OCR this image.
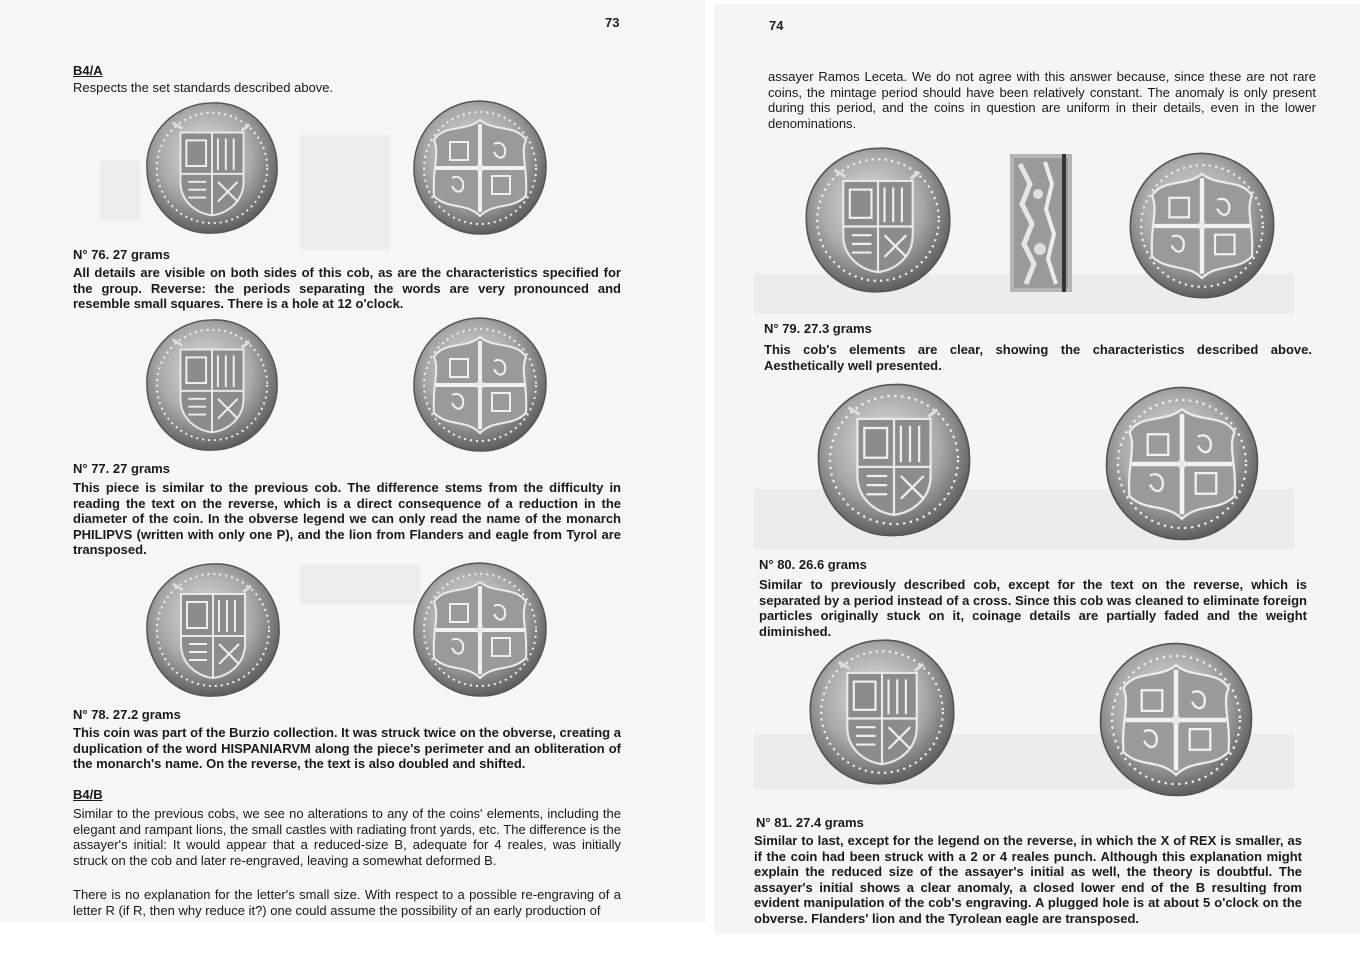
73
B4/A
Respects the set standards described above.
N° 76. 27 grams
All details are visible on both sides of this cob, as are the characteristics specified for the group. Reverse: the periods separating the words are very pronounced and resemble small squares. There is a hole at 12 o'clock.
N° 77. 27 grams
This piece is similar to the previous cob. The difference stems from the difficulty in reading the text on the reverse, which is a direct consequence of a reduction in the diameter of the coin. In the obverse legend we can only read the name of the monarch PHILIPVS (written with only one P), and the lion from Flanders and eagle from Tyrol are transposed.
N° 78. 27.2 grams
This coin was part of the Burzio collection. It was struck twice on the obverse, creating a duplication of the word HISPANIARVM along the piece's perimeter and an obliteration of the monarch's name. On the reverse, the text is also doubled and shifted.
B4/B
Similar to the previous cobs, we see no alterations to any of the coins' elements, including the elegant and rampant lions, the small castles with radiating front yards, etc. The difference is the assayer's initial: It would appear that a reduced-size B, adequate for 4 reales, was initially struck on the cob and later re-engraved, leaving a somewhat deformed B.
There is no explanation for the letter's small size. With respect to a possible re-engraving of a letter R (if R, then why reduce it?) one could assume the possibility of an early production of
74
assayer Ramos Leceta. We do not agree with this answer because, since these are not rare coins, the mintage period should have been relatively constant. The anomaly is only present during this period, and the coins in question are uniform in their details, even in the lower denominations.
N° 79. 27.3 grams
This cob's elements are clear, showing the characteristics described above. Aesthetically well presented.
N° 80. 26.6 grams
Similar to previously described cob, except for the text on the reverse, which is separated by a period instead of a cross. Since this cob was cleaned to eliminate foreign particles originally stuck on it, coinage details are partially faded and the weight diminished.
N° 81. 27.4 grams
Similar to last, except for the legend on the reverse, in which the X of REX is smaller, as if the coin had been struck with a 2 or 4 reales punch. Although this explanation might explain the reduced size of the assayer's initial as well, the theory is doubtful. The assayer's initial shows a clear anomaly, a closed lower end of the B resulting from evident manipulation of the cob's engraving. A plugged hole is at about 5 o'clock on the obverse. Flanders' lion and the Tyrolean eagle are transposed.
